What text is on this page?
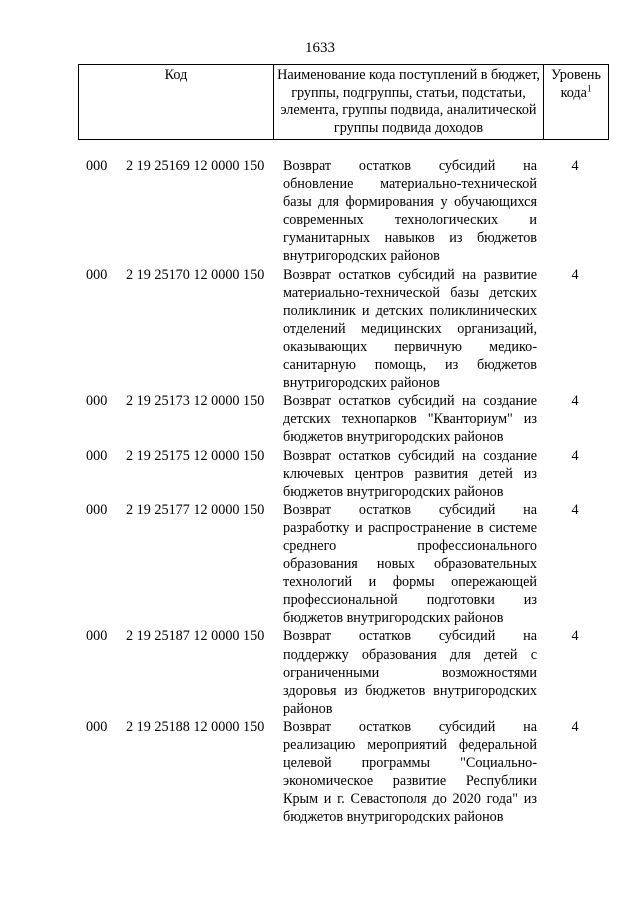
1633
Код	Наименование кода поступлений в бюджет, группы, подгруппы, статьи, подстатьи, элемента, группы подвида, аналитической группы подвида доходов
Уровень кода$^1$
000 2 19 25169 12 0000 150 Возврат остатков субсидий на
обновление материально-технической
базы для формирования у обучающихся
современных технологических и
гуманитарных навыков из бюджетов
внутригородских районов
4
000 2 19 25170 12 0000 150 Возврат остатков субсидий на развитие
материально-технической базы детских
поликлиник и детских поликлинических
отделений медицинских организаций,
оказывающих первичную медико-
санитарную помощь, из бюджетов
внутригородских районов
4
000 2 19 25173 12 0000 150 Возврат остатков субсидий на создание
детских технопарков "Кванториум" из
бюджетов внутригородских районов
4
000 2 19 25175 12 0000 150 Возврат остатков субсидий на создание
ключевых центров развития детей из
бюджетов внутригородских районов
4
000 2 19 25177 12 0000 150 Возврат остатков субсидий на
разработку и распространение в системе
среднего профессионального
образования новых образовательных
технологий и формы опережающей
профессиональной подготовки из
бюджетов внутригородских районов
4
000 2 19 25187 12 0000 150 Возврат остатков субсидий на
поддержку образования для детей с
ограниченными возможностями
здоровья из бюджетов внутригородских
районов
4
000 2 19 25188 12 0000 150 Возврат остатков субсидий на
реализацию мероприятий федеральной
целевой программы "Социально-
экономическое развитие Республики
Крым и г. Севастополя до 2020 года" из
бюджетов внутригородских районов
4
